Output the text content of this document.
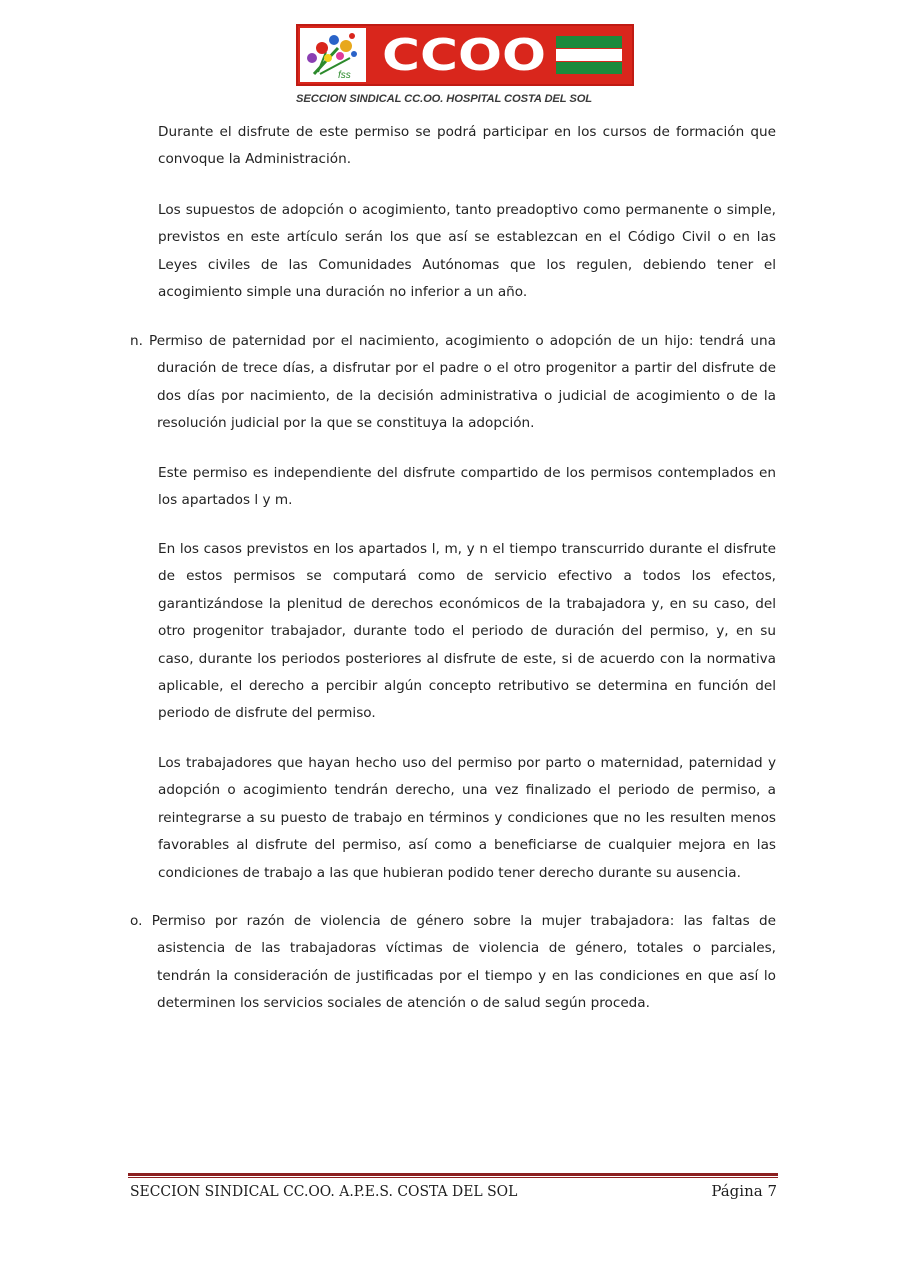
fss CCOO
SECCION SINDICAL CC.OO. HOSPITAL COSTA DEL SOL
Durante el disfrute de este permiso se podrá participar en los cursos de formación que convoque la Administración.
Los supuestos de adopción o acogimiento, tanto preadoptivo como permanente o simple, previstos en este artículo serán los que así se establezcan en el Código Civil o en las Leyes civiles de las Comunidades Autónomas que los regulen, debiendo tener el acogimiento simple una duración no inferior a un año.
n. Permiso de paternidad por el nacimiento, acogimiento o adopción de un hijo: tendrá una duración de trece días, a disfrutar por el padre o el otro progenitor a partir del disfrute de dos días por nacimiento, de la decisión administrativa o judicial de acogimiento o de la resolución judicial por la que se constituya la adopción.
Este permiso es independiente del disfrute compartido de los permisos contemplados en los apartados l y m.
En los casos previstos en los apartados l, m, y n el tiempo transcurrido durante el disfrute de estos permisos se computará como de servicio efectivo a todos los efectos, garantizándose la plenitud de derechos económicos de la trabajadora y, en su caso, del otro progenitor trabajador, durante todo el periodo de duración del permiso, y, en su caso, durante los periodos posteriores al disfrute de este, si de acuerdo con la normativa aplicable, el derecho a percibir algún concepto retributivo se determina en función del periodo de disfrute del permiso.
Los trabajadores que hayan hecho uso del permiso por parto o maternidad, paternidad y adopción o acogimiento tendrán derecho, una vez finalizado el periodo de permiso, a reintegrarse a su puesto de trabajo en términos y condiciones que no les resulten menos favorables al disfrute del permiso, así como a beneficiarse de cualquier mejora en las condiciones de trabajo a las que hubieran podido tener derecho durante su ausencia.
o. Permiso por razón de violencia de género sobre la mujer trabajadora: las faltas de asistencia de las trabajadoras víctimas de violencia de género, totales o parciales, tendrán la consideración de justificadas por el tiempo y en las condiciones en que así lo determinen los servicios sociales de atención o de salud según proceda.
SECCION SINDICAL CC.OO. A.P.E.S. COSTA DEL SOL	Página 7
